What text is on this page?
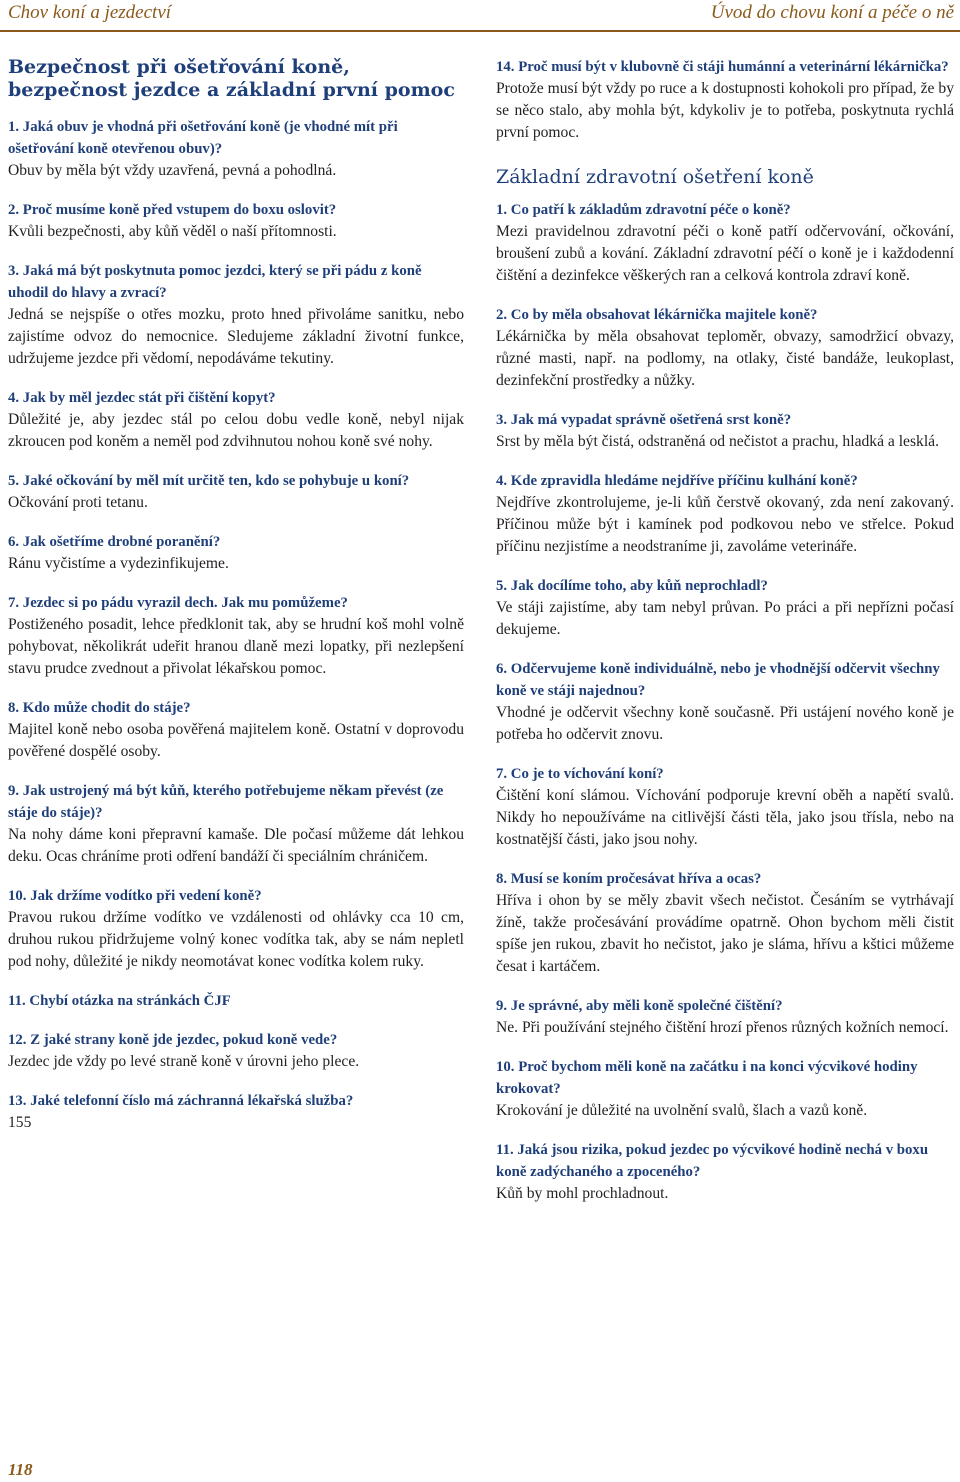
Chov koní a jezdectví	Úvod do chovu koní a péče o ně
Bezpečnost při ošetřování koně, bezpečnost jezdce a základní první pomoc
1. Jaká obuv je vhodná při ošetřování koně (je vhodné mít při ošetřování koně otevřenou obuv)?
Obuv by měla být vždy uzavřená, pevná a pohodlná.
2. Proč musíme koně před vstupem do boxu oslovit?
Kvůli bezpečnosti, aby kůň věděl o naší přítomnosti.
3. Jaká má být poskytnuta pomoc jezdci, který se při pádu z koně uhodil do hlavy a zvrací?
Jedná se nejspíše o otřes mozku, proto hned přivoláme sanitku, nebo zajistíme odvoz do nemocnice. Sledujeme základní životní funkce, udržujeme jezdce při vědomí, nepodáváme tekutiny.
4. Jak by měl jezdec stát při čištění kopyt?
Důležité je, aby jezdec stál po celou dobu vedle koně, nebyl nijak zkroucen pod koněm a neměl pod zdvihnutou nohou koně své nohy.
5. Jaké očkování by měl mít určitě ten, kdo se pohybuje u koní?
Očkování proti tetanu.
6. Jak ošetříme drobné poranění?
Ránu vyčistíme a vydezinfikujeme.
7. Jezdec si po pádu vyrazil dech. Jak mu pomůžeme?
Postiženého posadit, lehce předklonit tak, aby se hrudní koš mohl volně pohybovat, několikrát udeřit hranou dlaně mezi lopatky, při nezlepšení stavu prudce zvednout a přivolat lékařskou pomoc.
8. Kdo může chodit do stáje?
Majitel koně nebo osoba pověřená majitelem koně. Ostatní v doprovodu pověřené dospělé osoby.
9. Jak ustrojený má být kůň, kterého potřebujeme někam převést (ze stáje do stáje)?
Na nohy dáme koni přepravní kamaše. Dle počasí můžeme dát lehkou deku. Ocas chráníme proti odření bandáží či speciálním chráničem.
10. Jak držíme vodítko při vedení koně?
Pravou rukou držíme vodítko ve vzdálenosti od ohlávky cca 10 cm, druhou rukou přidržujeme volný konec vodítka tak, aby se nám nepletl pod nohy, důležité je nikdy neomotávat konec vodítka kolem ruky.
11. Chybí otázka na stránkách ČJF
12. Z jaké strany koně jde jezdec, pokud koně vede?
Jezdec jde vždy po levé straně koně v úrovni jeho plece.
13. Jaké telefonní číslo má záchranná lékařská služba?
155
14. Proč musí být v klubovně či stáji humánní a veterinární lékárnička?
Protože musí být vždy po ruce a k dostupnosti kohokoli pro případ, že by se něco stalo, aby mohla být, kdykoliv je to potřeba, poskytnuta rychlá první pomoc.
Základní zdravotní ošetření koně
1. Co patří k základům zdravotní péče o koně?
Mezi pravidelnou zdravotní péči o koně patří odčervování, očkování, broušení zubů a kování. Základní zdravotní péčí o koně je i každodenní čištění a dezinfekce věškerých ran a celková kontrola zdraví koně.
2. Co by měla obsahovat lékárnička majitele koně?
Lékárnička by měla obsahovat teploměr, obvazy, samodržicí obvazy, různé masti, např. na podlomy, na otlaky, čisté bandáže, leukoplast, dezinfekční prostředky a nůžky.
3. Jak má vypadat správně ošetřená srst koně?
Srst by měla být čistá, odstraněná od nečistot a prachu, hladká a lesklá.
4. Kde zpravidla hledáme nejdříve příčinu kulhání koně?
Nejdříve zkontrolujeme, je-li kůň čerstvě okovaný, zda není zakovaný. Příčinou může být i kamínek pod podkovou nebo ve střelce. Pokud příčinu nezjistíme a neodstraníme ji, zavoláme veterináře.
5. Jak docílíme toho, aby kůň neprochladl?
Ve stáji zajistíme, aby tam nebyl průvan. Po práci a při nepřízni počasí dekujeme.
6. Odčervujeme koně individuálně, nebo je vhodnější odčervit všechny koně ve stáji najednou?
Vhodné je odčervit všechny koně současně. Při ustájení nového koně je potřeba ho odčervit znovu.
7. Co je to víchování koní?
Čištění koní slámou. Víchování podporuje krevní oběh a napětí svalů. Nikdy ho nepoužíváme na citlivější části těla, jako jsou třísla, nebo na kostnatější části, jako jsou nohy.
8. Musí se koním pročesávat hříva a ocas?
Hříva i ohon by se měly zbavit všech nečistot. Česáním se vytrhávají žíně, takže pročesávání provádíme opatrně. Ohon bychom měli čistit spíše jen rukou, zbavit ho nečistot, jako je sláma, hřívu a kštici můžeme česat i kartáčem.
9. Je správné, aby měli koně společné čištění?
Ne. Při používání stejného čištění hrozí přenos různých kožních nemocí.
10. Proč bychom měli koně na začátku i na konci výcvikové hodiny krokovat?
Krokování je důležité na uvolnění svalů, šlach a vazů koně.
11. Jaká jsou rizika, pokud jezdec po výcvikové hodině nechá v boxu koně zadýchaného a zpoceného?
Kůň by mohl prochladnout.
118
